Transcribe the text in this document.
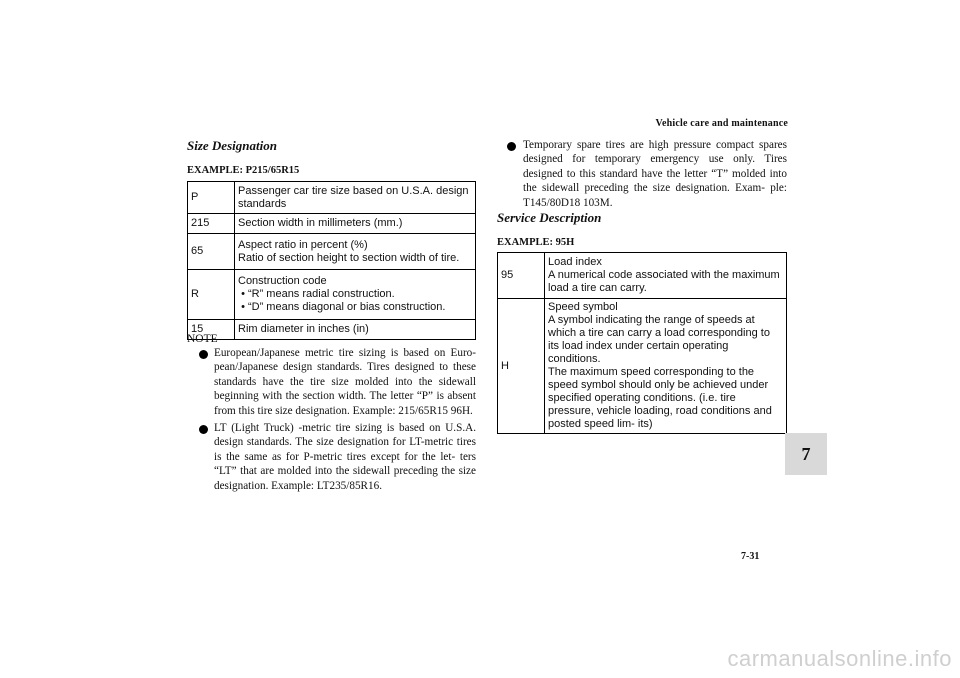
Vehicle care and maintenance
Size Designation
EXAMPLE: P215/65R15
P	Passenger car tire size based on U.S.A. design standards

215	Section width in millimeters (mm.)

65	Aspect ratio in percent (%)
Ratio of section height to section width of tire.

R	Construction code
• “R” means radial construction.
• “D” means diagonal or bias construction.

15	Rim diameter in inches (in)
NOTE
European/Japanese metric tire sizing is based on Euro- pean/Japanese design standards. Tires designed to these standards have the tire size molded into the sidewall beginning with the section width. The letter “P” is absent from this tire size designation. Example: 215/65R15 96H.
LT (Light Truck) -metric tire sizing is based on U.S.A. design standards. The size designation for LT-metric tires is the same as for P-metric tires except for the let- ters “LT” that are molded into the sidewall preceding the size designation. Example: LT235/85R16.
Temporary spare tires are high pressure compact spares designed for temporary emergency use only. Tires designed to this standard have the letter “T” molded into the sidewall preceding the size designation. Exam- ple: T145/80D18 103M.
Service Description
EXAMPLE: 95H
95	Load index
A numerical code associated with the maximum load a tire can carry.

H	Speed symbol
A symbol indicating the range of speeds at which a tire can carry a load corresponding to its load index under certain operating conditions.
The maximum speed corresponding to the speed symbol should only be achieved under specified operating conditions. (i.e. tire pressure, vehicle loading, road conditions and posted speed lim- its)
7
7-31
carmanualsonline.info
